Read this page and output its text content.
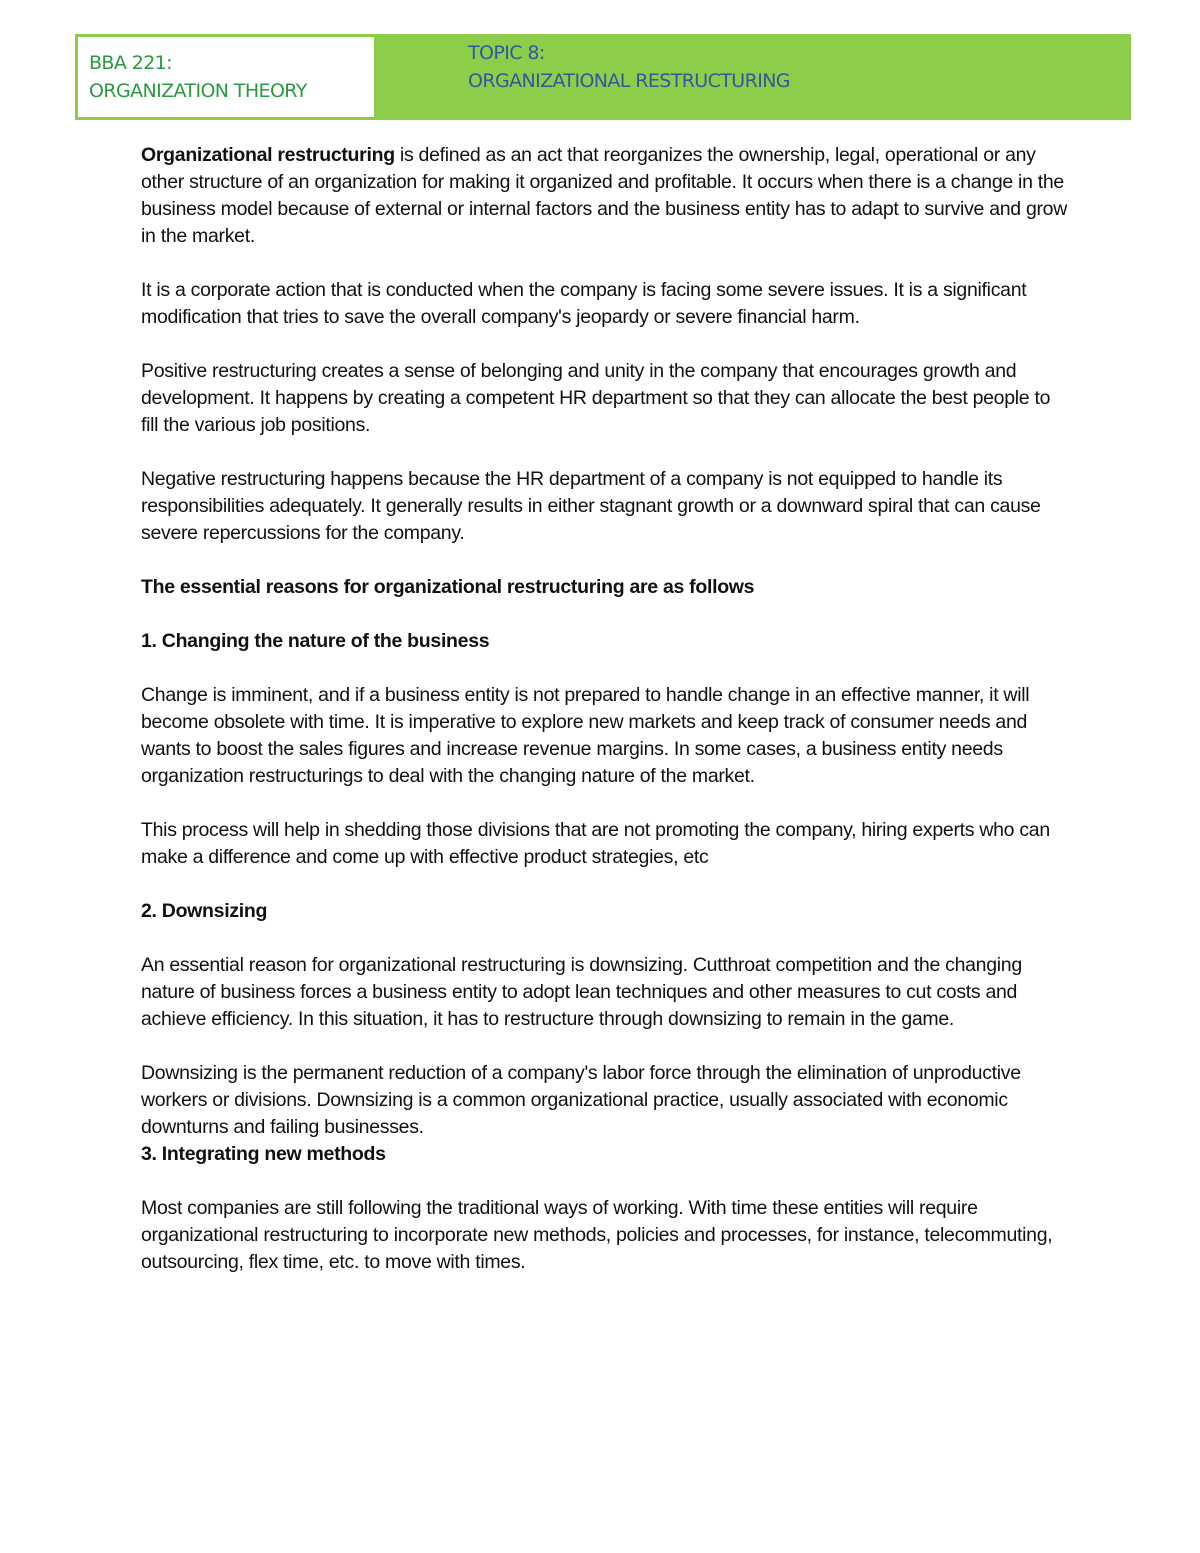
BBA 221:
ORGANIZATION THEORY
TOPIC 8:
ORGANIZATIONAL RESTRUCTURING

Organizational restructuring is defined as an act that reorganizes the ownership, legal, operational or any other structure of an organization for making it organized and profitable. It occurs when there is a change in the business model because of external or internal factors and the business entity has to adapt to survive and grow in the market.

It is a corporate action that is conducted when the company is facing some severe issues. It is a significant modification that tries to save the overall company's jeopardy or severe financial harm.

Positive restructuring creates a sense of belonging and unity in the company that encourages growth and development. It happens by creating a competent HR department so that they can allocate the best people to fill the various job positions.

Negative restructuring happens because the HR department of a company is not equipped to handle its responsibilities adequately. It generally results in either stagnant growth or a downward spiral that can cause severe repercussions for the company.

The essential reasons for organizational restructuring are as follows

1. Changing the nature of the business

Change is imminent, and if a business entity is not prepared to handle change in an effective manner, it will become obsolete with time. It is imperative to explore new markets and keep track of consumer needs and wants to boost the sales figures and increase revenue margins. In some cases, a business entity needs organization restructurings to deal with the changing nature of the market.

This process will help in shedding those divisions that are not promoting the company, hiring experts who can make a difference and come up with effective product strategies, etc

2. Downsizing

An essential reason for organizational restructuring is downsizing. Cutthroat competition and the changing nature of business forces a business entity to adopt lean techniques and other measures to cut costs and achieve efficiency. In this situation, it has to restructure through downsizing to remain in the game.

Downsizing is the permanent reduction of a company's labor force through the elimination of unproductive workers or divisions. Downsizing is a common organizational practice, usually associated with economic downturns and failing businesses.

3. Integrating new methods

Most companies are still following the traditional ways of working. With time these entities will require organizational restructuring to incorporate new methods, policies and processes, for instance, telecommuting, outsourcing, flex time, etc. to move with times.
